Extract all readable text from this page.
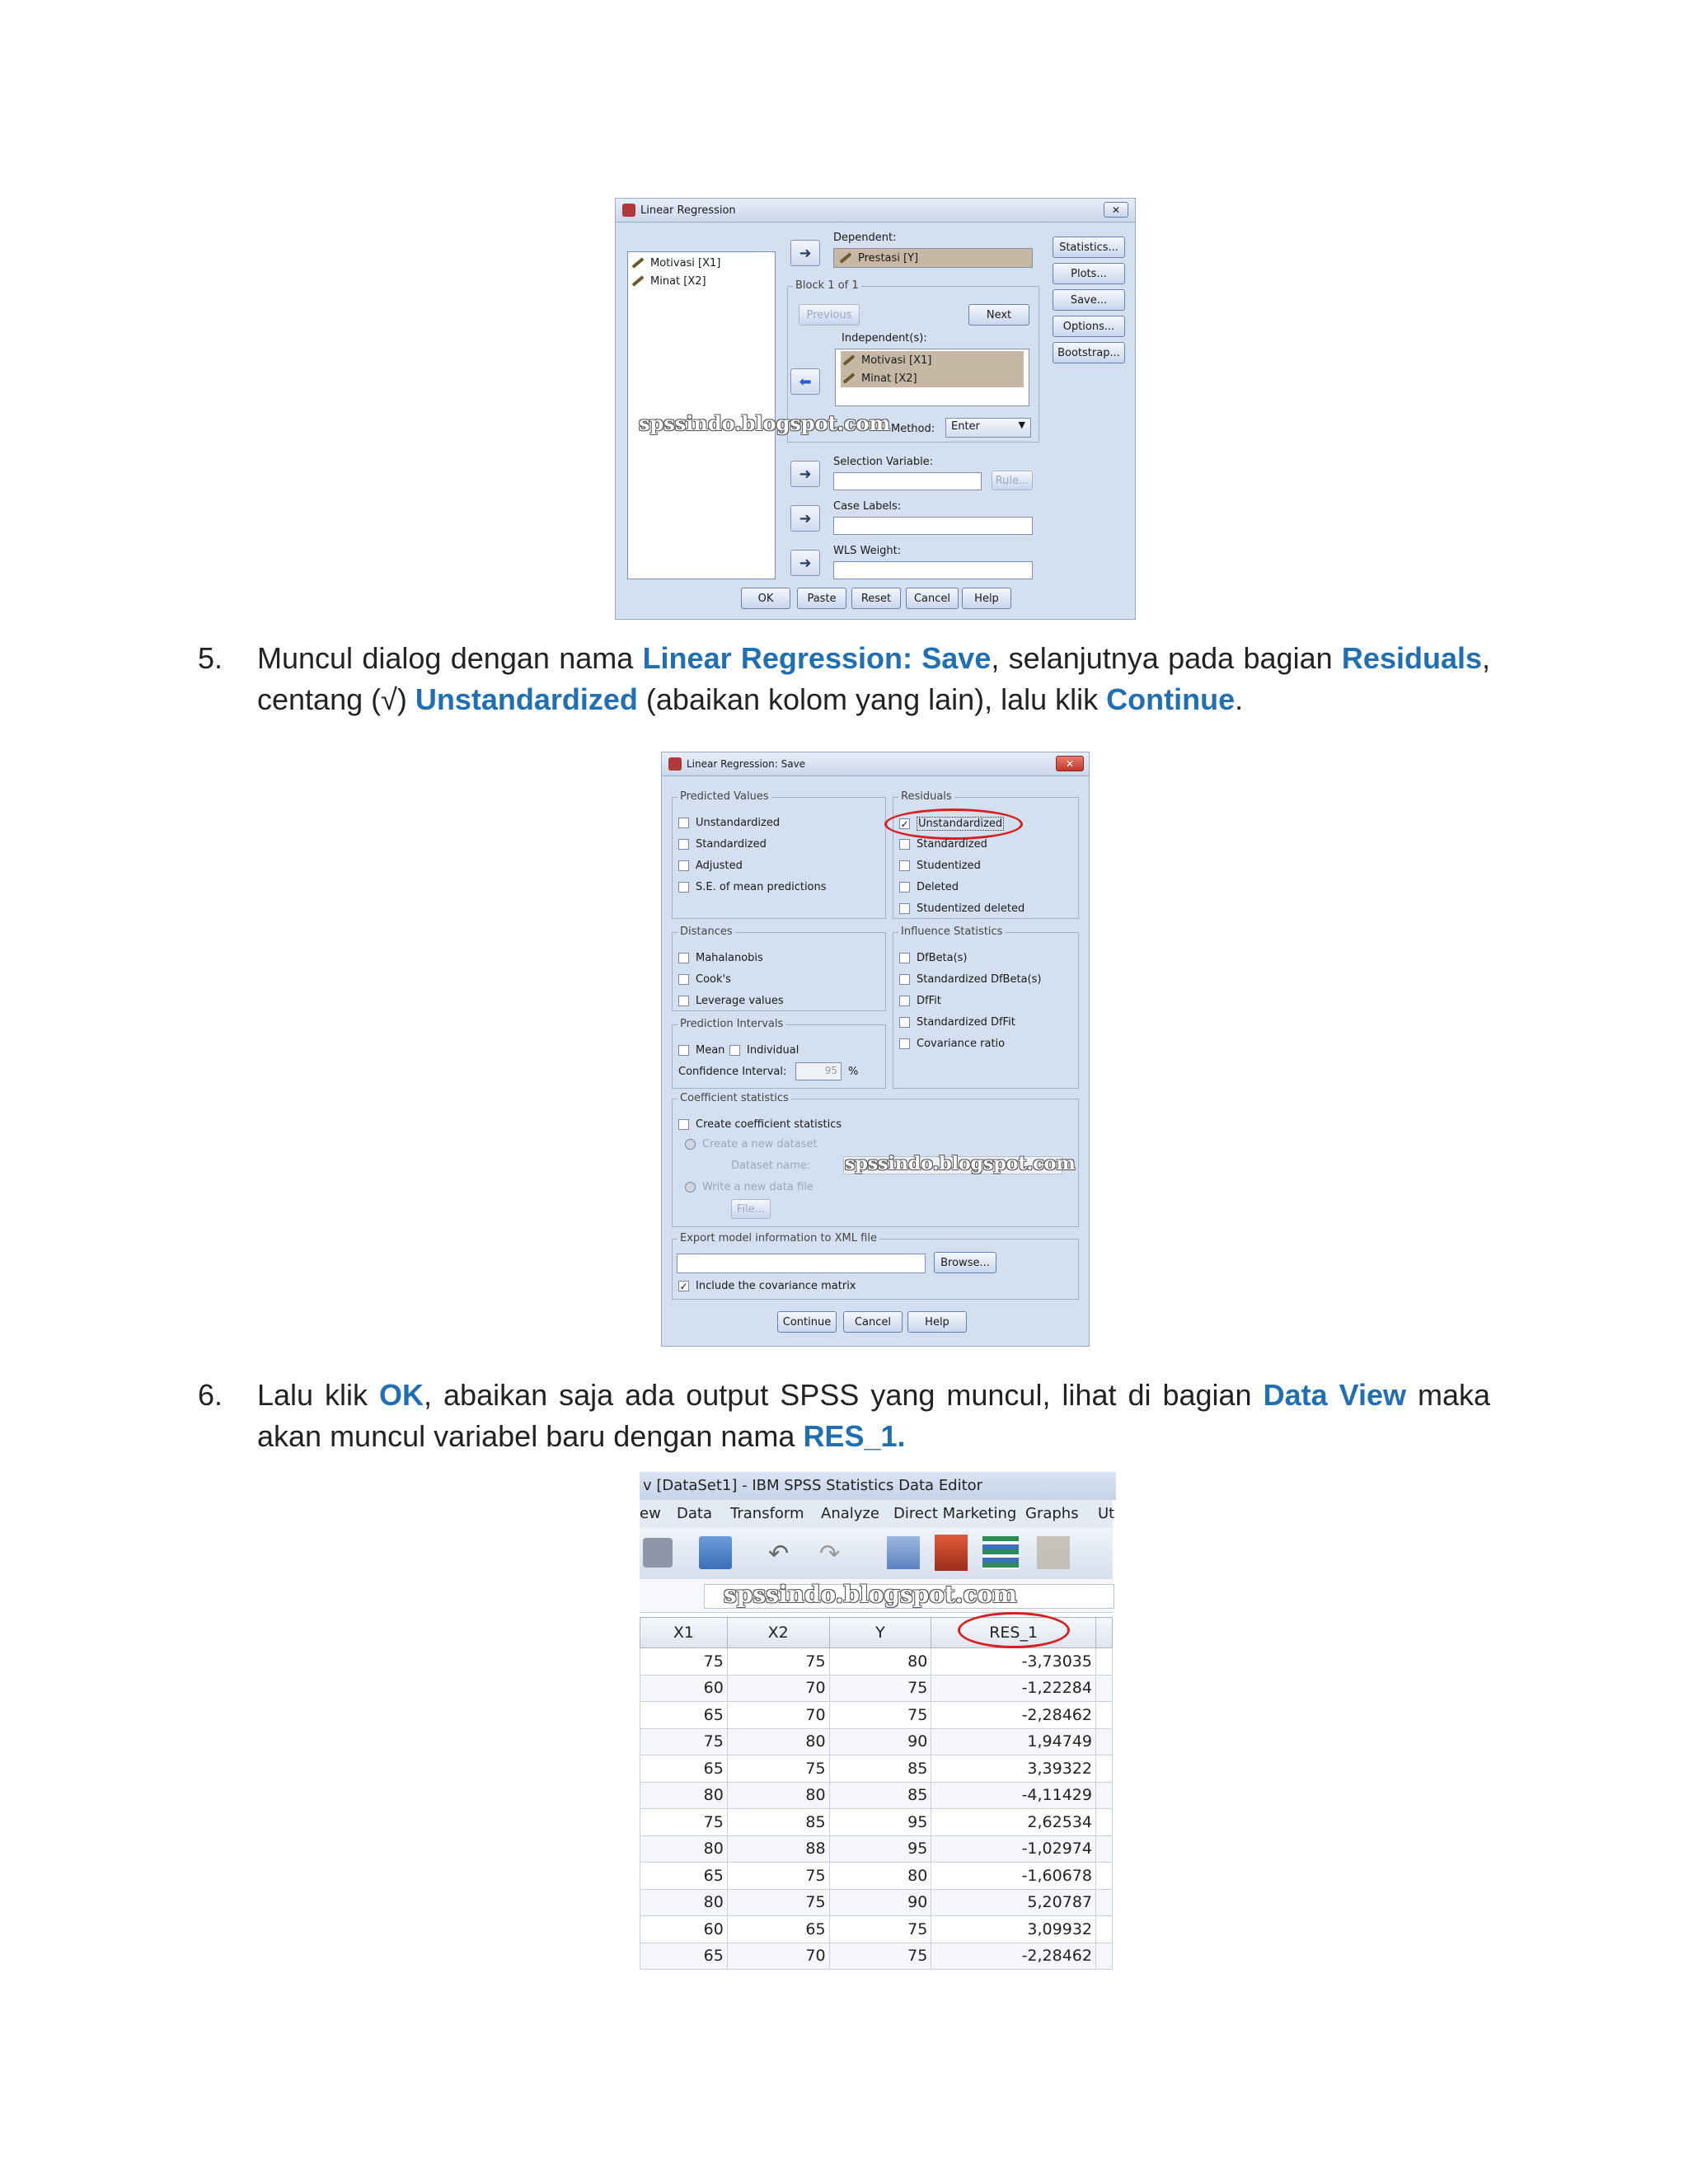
Linear Regression	✕
Motivasi [X1]
Minat [X2]
➜
Dependent:
Prestasi [Y]
Block 1 of 1
Previous	Next
Independent(s):
⬅
Motivasi [X1]
Minat [X2]
spssindo.blogspot.com Method:	Enter	▼
➜
Selection Variable:
Rule...
➜
Case Labels:
➜
WLS Weight:
Statistics...
Plots...
Save...
Options...
Bootstrap...
OK	Paste	Reset	Cancel	Help
5. Muncul dialog dengan nama Linear Regression: Save, selanjutnya pada bagian Residuals, centang (√) Unstandardized (abaikan kolom yang lain), lalu klik Continue.
Linear Regression: Save	✕
Predicted Values
Unstandardized
Standardized
Adjusted
S.E. of mean predictions
Residuals
✓ Unstandardized
Standardized
Studentized
Deleted
Studentized deleted
Distances
Mahalanobis
Cook's
Leverage values
Influence Statistics
DfBeta(s)
Standardized DfBeta(s)
DfFit
Standardized DfFit
Covariance ratio
Prediction Intervals
Mean Individual
Confidence Interval:	95	%
Coefficient statistics
Create coefficient statistics
Create a new dataset
Dataset name: spssindo.blogspot.com
Write a new data file
File...
Export model information to XML file
Browse...
✓ Include the covariance matrix
Continue	Cancel	Help
6. Lalu klik OK, abaikan saja ada output SPSS yang muncul, lihat di bagian Data View maka akan muncul variabel baru dengan nama RES_1.
v [DataSet1] - IBM SPSS Statistics Data Editor
ew Data Transform Analyze Direct Marketing Graphs Ut
↶ ↷
spssindo.blogspot.com
X1	X2	Y	RES_1	
75	75	80	-3,73035	
60	70	75	-1,22284	
65	70	75	-2,28462	
75	80	90	1,94749	
65	75	85	3,39322	
80	80	85	-4,11429	
75	85	95	2,62534	
80	88	95	-1,02974	
65	75	80	-1,60678	
80	75	90	5,20787	
60	65	75	3,09932	
65	70	75	-2,28462	
